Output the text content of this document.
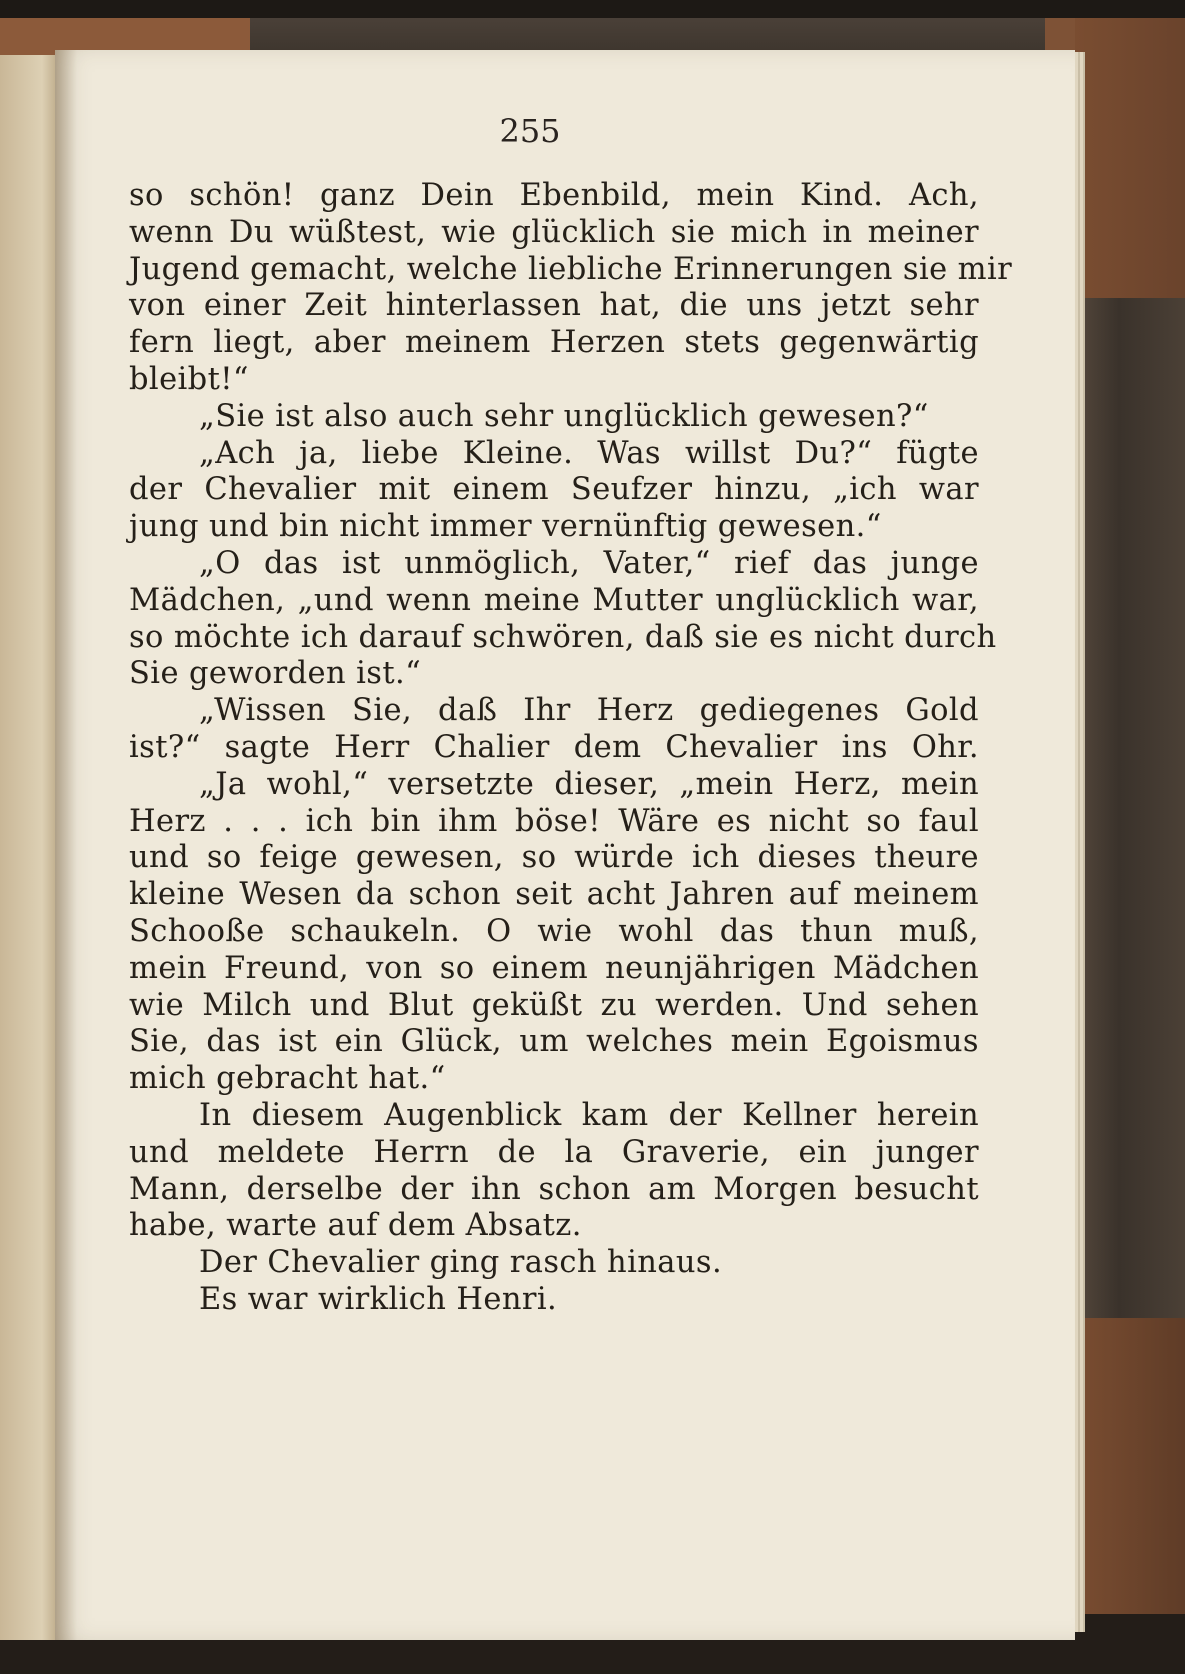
255

so schön! ganz Dein Ebenbild, mein Kind. Ach,
wenn Du wüßtest, wie glücklich sie mich in meiner
Jugend gemacht, welche liebliche Erinnerungen sie mir
von einer Zeit hinterlassen hat, die uns jetzt sehr
fern liegt, aber meinem Herzen stets gegenwärtig
bleibt!“
„Sie ist also auch sehr unglücklich gewesen?“
„Ach ja, liebe Kleine. Was willst Du?“ fügte
der Chevalier mit einem Seufzer hinzu, „ich war
jung und bin nicht immer vernünftig gewesen.“
„O das ist unmöglich, Vater,“ rief das junge
Mädchen, „und wenn meine Mutter unglücklich war,
so möchte ich darauf schwören, daß sie es nicht durch
Sie geworden ist.“
„Wissen Sie, daß Ihr Herz gediegenes Gold
ist?“ sagte Herr Chalier dem Chevalier ins Ohr.
„Ja wohl,“ versetzte dieser, „mein Herz, mein
Herz . . . ich bin ihm böse! Wäre es nicht so faul
und so feige gewesen, so würde ich dieses theure
kleine Wesen da schon seit acht Jahren auf meinem
Schooße schaukeln. O wie wohl das thun muß,
mein Freund, von so einem neunjährigen Mädchen
wie Milch und Blut geküßt zu werden. Und sehen
Sie, das ist ein Glück, um welches mein Egoismus
mich gebracht hat.“
In diesem Augenblick kam der Kellner herein
und meldete Herrn de la Graverie, ein junger
Mann, derselbe der ihn schon am Morgen besucht
habe, warte auf dem Absatz.
Der Chevalier ging rasch hinaus.
Es war wirklich Henri.
